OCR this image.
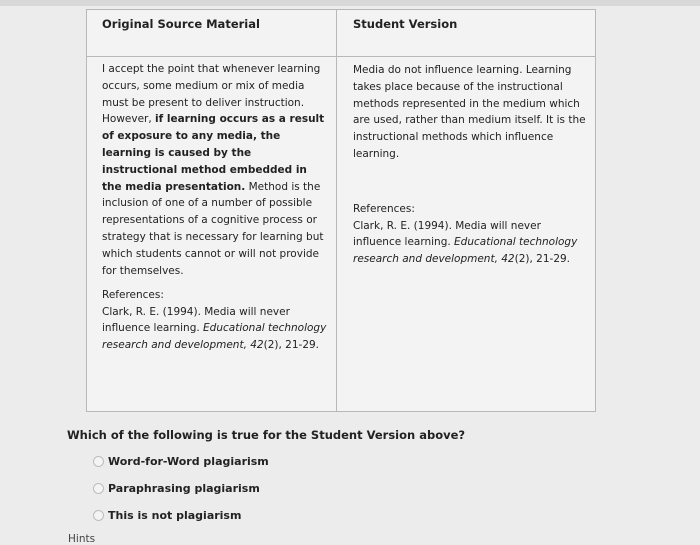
Original Source Material	Student Version
I accept the point that whenever learning occurs, some medium or mix of media must be present to deliver instruction. However, if learning occurs as a result of exposure to any media, the learning is caused by the instructional method embedded in the media presentation. Method is the inclusion of one of a number of possible representations of a cognitive process or strategy that is necessary for learning but which students cannot or will not provide for themselves.
References:
Clark, R. E. (1994). Media will never influence learning. Educational technology research and development, 42(2), 21-29.
Media do not influence learning. Learning takes place because of the instructional methods represented in the medium which are used, rather than medium itself. It is the instructional methods which influence learning.
References:
Clark, R. E. (1994). Media will never influence learning. Educational technology research and development, 42(2), 21-29.
Which of the following is true for the Student Version above?
Word-for-Word plagiarism
Paraphrasing plagiarism
This is not plagiarism
Hints
